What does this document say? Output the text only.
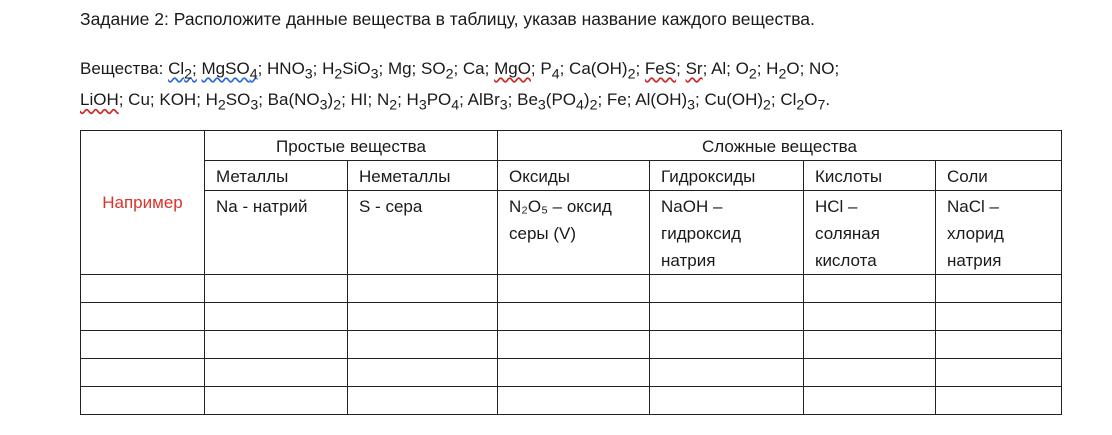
Задание 2: Расположите данные вещества в таблицу, указав название каждого вещества.
Вещества: $Cl_2$; MgSO$_4$; $HNO_3$; $H_2SiO_3$; Mg; $SO_2$; Ca; MgO; $P_4$; $Ca(OH)_2$; FeS; Sr; Al; $O_2$; $H_2O$; NO;
LiOH; Cu; KOH; $H_2SO_3$; $Ba(NO_3)_2$; HI; $N_2$; $H_3PO_4$; AlBr$_3$; $Be_3(PO_4)_2$; Fe; $Al(OH)_3$; $Cu(OH)_2$; $Cl_2O_7$.
Например	Простые вещества		Сложные вещества			
	Металлы	Неметаллы	Оксиды	Гидроксиды	Кислоты	Соли
	Na - натрий	S - сера	N₂O₅ – оксид серы (V)	NaOH – гидроксид натрия	HCl – соляная кислота	NaCl – хлорид натрия
